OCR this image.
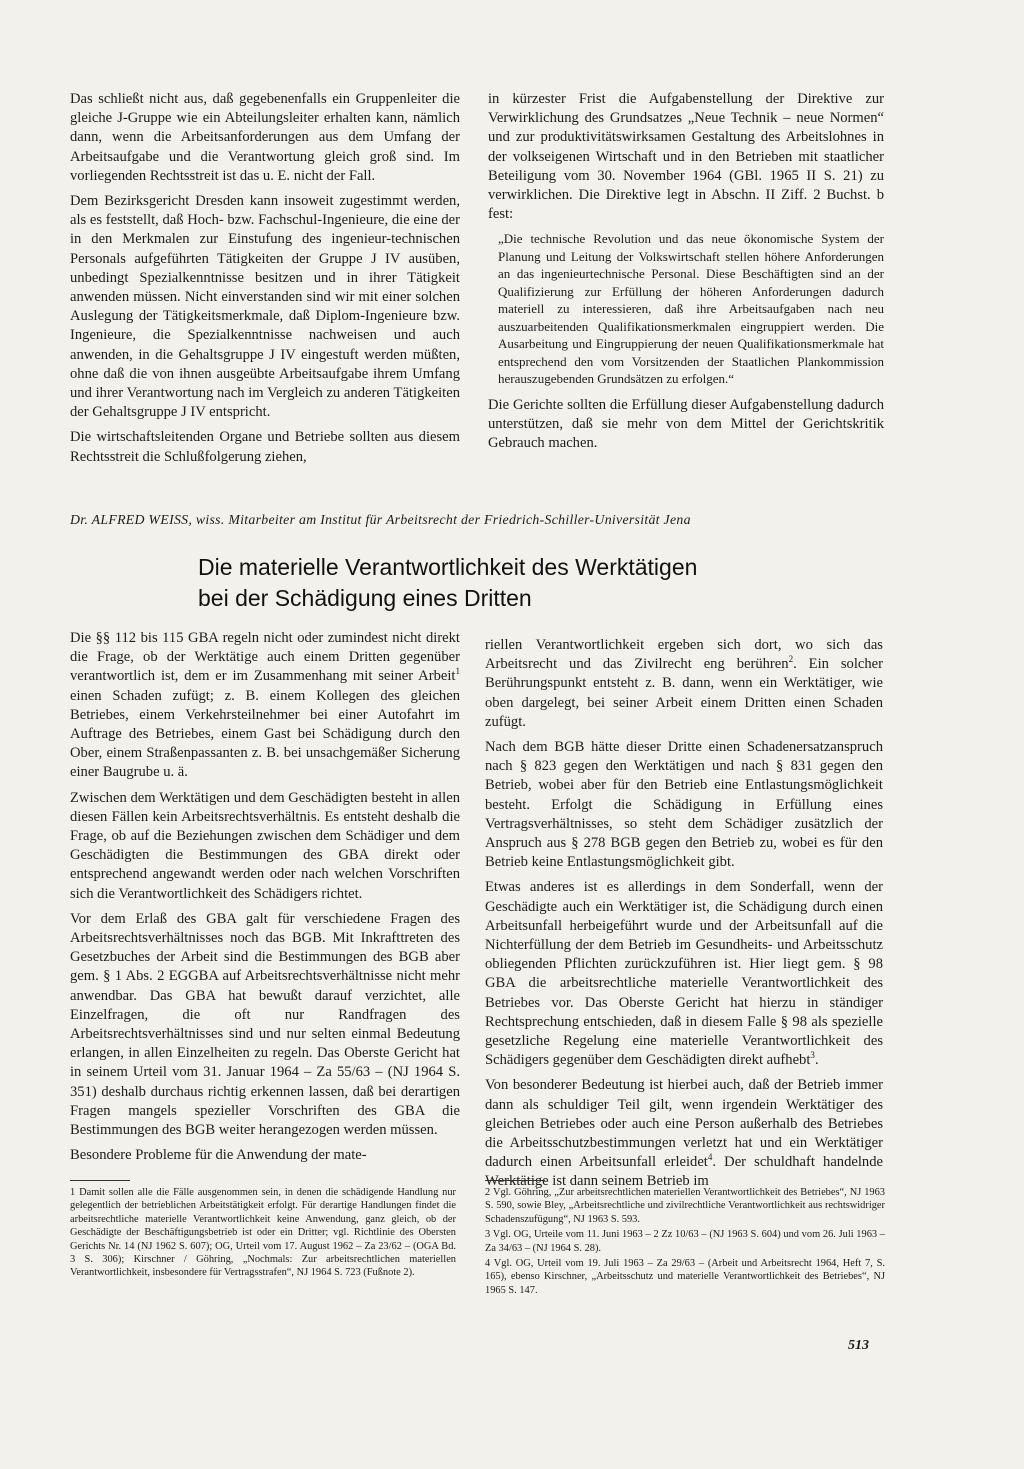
Das schließt nicht aus, daß gegebenenfalls ein Gruppenleiter die gleiche J-Gruppe wie ein Abteilungsleiter erhalten kann, nämlich dann, wenn die Arbeitsanforderungen aus dem Umfang der Arbeitsaufgabe und die Verantwortung gleich groß sind. Im vorliegenden Rechtsstreit ist das u. E. nicht der Fall.

Dem Bezirksgericht Dresden kann insoweit zugestimmt werden, als es feststellt, daß Hoch- bzw. Fachschul-Ingenieure, die eine der in den Merkmalen zur Einstufung des ingenieur-technischen Personals aufgeführten Tätigkeiten der Gruppe J IV ausüben, unbedingt Spezialkenntnisse besitzen und in ihrer Tätigkeit anwenden müssen. Nicht einverstanden sind wir mit einer solchen Auslegung der Tätigkeitsmerkmale, daß Diplom-Ingenieure bzw. Ingenieure, die Spezialkenntnisse nachweisen und auch anwenden, in die Gehaltsgruppe J IV eingestuft werden müßten, ohne daß die von ihnen ausgeübte Arbeitsaufgabe ihrem Umfang und ihrer Verantwortung nach im Vergleich zu anderen Tätigkeiten der Gehaltsgruppe J IV entspricht.

Die wirtschaftsleitenden Organe und Betriebe sollten aus diesem Rechtsstreit die Schlußfolgerung ziehen,

in kürzester Frist die Aufgabenstellung der Direktive zur Verwirklichung des Grundsatzes „Neue Technik – neue Normen“ und zur produktivitätswirksamen Gestaltung des Arbeitslohnes in der volkseigenen Wirtschaft und in den Betrieben mit staatlicher Beteiligung vom 30. November 1964 (GBl. 1965 II S. 21) zu verwirklichen. Die Direktive legt in Abschn. II Ziff. 2 Buchst. b fest:

„Die technische Revolution und das neue ökonomische System der Planung und Leitung der Volkswirtschaft stellen höhere Anforderungen an das ingenieurtechnische Personal. Diese Beschäftigten sind an der Qualifizierung zur Erfüllung der höheren Anforderungen dadurch materiell zu interessieren, daß ihre Arbeitsaufgaben nach neu auszuarbeitenden Qualifikationsmerkmalen eingruppiert werden. Die Ausarbeitung und Eingruppierung der neuen Qualifikationsmerkmale hat entsprechend den vom Vorsitzenden der Staatlichen Plankommission herauszugebenden Grundsätzen zu erfolgen.“

Die Gerichte sollten die Erfüllung dieser Aufgabenstellung dadurch unterstützen, daß sie mehr von dem Mittel der Gerichtskritik Gebrauch machen.

Dr. ALFRED WEISS, wiss. Mitarbeiter am Institut für Arbeitsrecht der Friedrich-Schiller-Universität Jena
Die materielle Verantwortlichkeit des Werktätigen
bei der Schädigung eines Dritten

Die §§ 112 bis 115 GBA regeln nicht oder zumindest nicht direkt die Frage, ob der Werktätige auch einem Dritten gegenüber verantwortlich ist, dem er im Zusammenhang mit seiner Arbeit$^1$ einen Schaden zufügt; z. B. einem Kollegen des gleichen Betriebes, einem Verkehrsteilnehmer bei einer Autofahrt im Auftrage des Betriebes, einem Gast bei Schädigung durch den Ober, einem Straßenpassanten z. B. bei unsachgemäßer Sicherung einer Baugrube u. ä.

Zwischen dem Werktätigen und dem Geschädigten besteht in allen diesen Fällen kein Arbeitsrechtsverhältnis. Es entsteht deshalb die Frage, ob auf die Beziehungen zwischen dem Schädiger und dem Geschädigten die Bestimmungen des GBA direkt oder entsprechend angewandt werden oder nach welchen Vorschriften sich die Verantwortlichkeit des Schädigers richtet.

Vor dem Erlaß des GBA galt für verschiedene Fragen des Arbeitsrechtsverhältnisses noch das BGB. Mit Inkrafttreten des Gesetzbuches der Arbeit sind die Bestimmungen des BGB aber gem. § 1 Abs. 2 EGGBA auf Arbeitsrechtsverhältnisse nicht mehr anwendbar. Das GBA hat bewußt darauf verzichtet, alle Einzelfragen, die oft nur Randfragen des Arbeitsrechtsverhältnisses sind und nur selten einmal Bedeutung erlangen, in allen Einzelheiten zu regeln. Das Oberste Gericht hat in seinem Urteil vom 31. Januar 1964 – Za 55/63 – (NJ 1964 S. 351) deshalb durchaus richtig erkennen lassen, daß bei derartigen Fragen mangels spezieller Vorschriften des GBA die Bestimmungen des BGB weiter herangezogen werden müssen.

Besondere Probleme für die Anwendung der mate-

riellen Verantwortlichkeit ergeben sich dort, wo sich das Arbeitsrecht und das Zivilrecht eng berühren$^2$. Ein solcher Berührungspunkt entsteht z. B. dann, wenn ein Werktätiger, wie oben dargelegt, bei seiner Arbeit einem Dritten einen Schaden zufügt.

Nach dem BGB hätte dieser Dritte einen Schadenersatzanspruch nach § 823 gegen den Werktätigen und nach § 831 gegen den Betrieb, wobei aber für den Betrieb eine Entlastungsmöglichkeit besteht. Erfolgt die Schädigung in Erfüllung eines Vertragsverhältnisses, so steht dem Schädiger zusätzlich der Anspruch aus § 278 BGB gegen den Betrieb zu, wobei es für den Betrieb keine Entlastungsmöglichkeit gibt.

Etwas anderes ist es allerdings in dem Sonderfall, wenn der Geschädigte auch ein Werktätiger ist, die Schädigung durch einen Arbeitsunfall herbeigeführt wurde und der Arbeitsunfall auf die Nichterfüllung der dem Betrieb im Gesundheits- und Arbeitsschutz obliegenden Pflichten zurückzuführen ist. Hier liegt gem. § 98 GBA die arbeitsrechtliche materielle Verantwortlichkeit des Betriebes vor. Das Oberste Gericht hat hierzu in ständiger Rechtsprechung entschieden, daß in diesem Falle § 98 als spezielle gesetzliche Regelung eine materielle Verantwortlichkeit des Schädigers gegenüber dem Geschädigten direkt aufhebt$^3$.

Von besonderer Bedeutung ist hierbei auch, daß der Betrieb immer dann als schuldiger Teil gilt, wenn irgendein Werktätiger des gleichen Betriebes oder auch eine Person außerhalb des Betriebes die Arbeitsschutzbestimmungen verletzt hat und ein Werktätiger dadurch einen Arbeitsunfall erleidet$^4$. Der schuldhaft handelnde Werktätige ist dann seinem Betrieb im

1 Damit sollen alle die Fälle ausgenommen sein, in denen die schädigende Handlung nur gelegentlich der betrieblichen Arbeitstätigkeit erfolgt. Für derartige Handlungen findet die arbeitsrechtliche materielle Verantwortlichkeit keine Anwendung, ganz gleich, ob der Geschädigte der Beschäftigungsbetrieb ist oder ein Dritter; vgl. Richtlinie des Obersten Gerichts Nr. 14 (NJ 1962 S. 607); OG, Urteil vom 17. August 1962 – Za 23/62 – (OGA Bd. 3 S. 306); Kirschner / Göhring, „Nochmals: Zur arbeitsrechtlichen materiellen Verantwortlichkeit, insbesondere für Vertragsstrafen“, NJ 1964 S. 723 (Fußnote 2).

2 Vgl. Göhring, „Zur arbeitsrechtlichen materiellen Verantwortlichkeit des Betriebes“, NJ 1963 S. 590, sowie Bley, „Arbeitsrechtliche und zivilrechtliche Verantwortlichkeit aus rechtswidriger Schadenszufügung“, NJ 1963 S. 593.

3 Vgl. OG, Urteile vom 11. Juni 1963 – 2 Zz 10/63 – (NJ 1963 S. 604) und vom 26. Juli 1963 – Za 34/63 – (NJ 1964 S. 28).

4 Vgl. OG, Urteil vom 19. Juli 1963 – Za 29/63 – (Arbeit und Arbeitsrecht 1964, Heft 7, S. 165), ebenso Kirschner, „Arbeitsschutz und materielle Verantwortlichkeit des Betriebes“, NJ 1965 S. 147.

513
